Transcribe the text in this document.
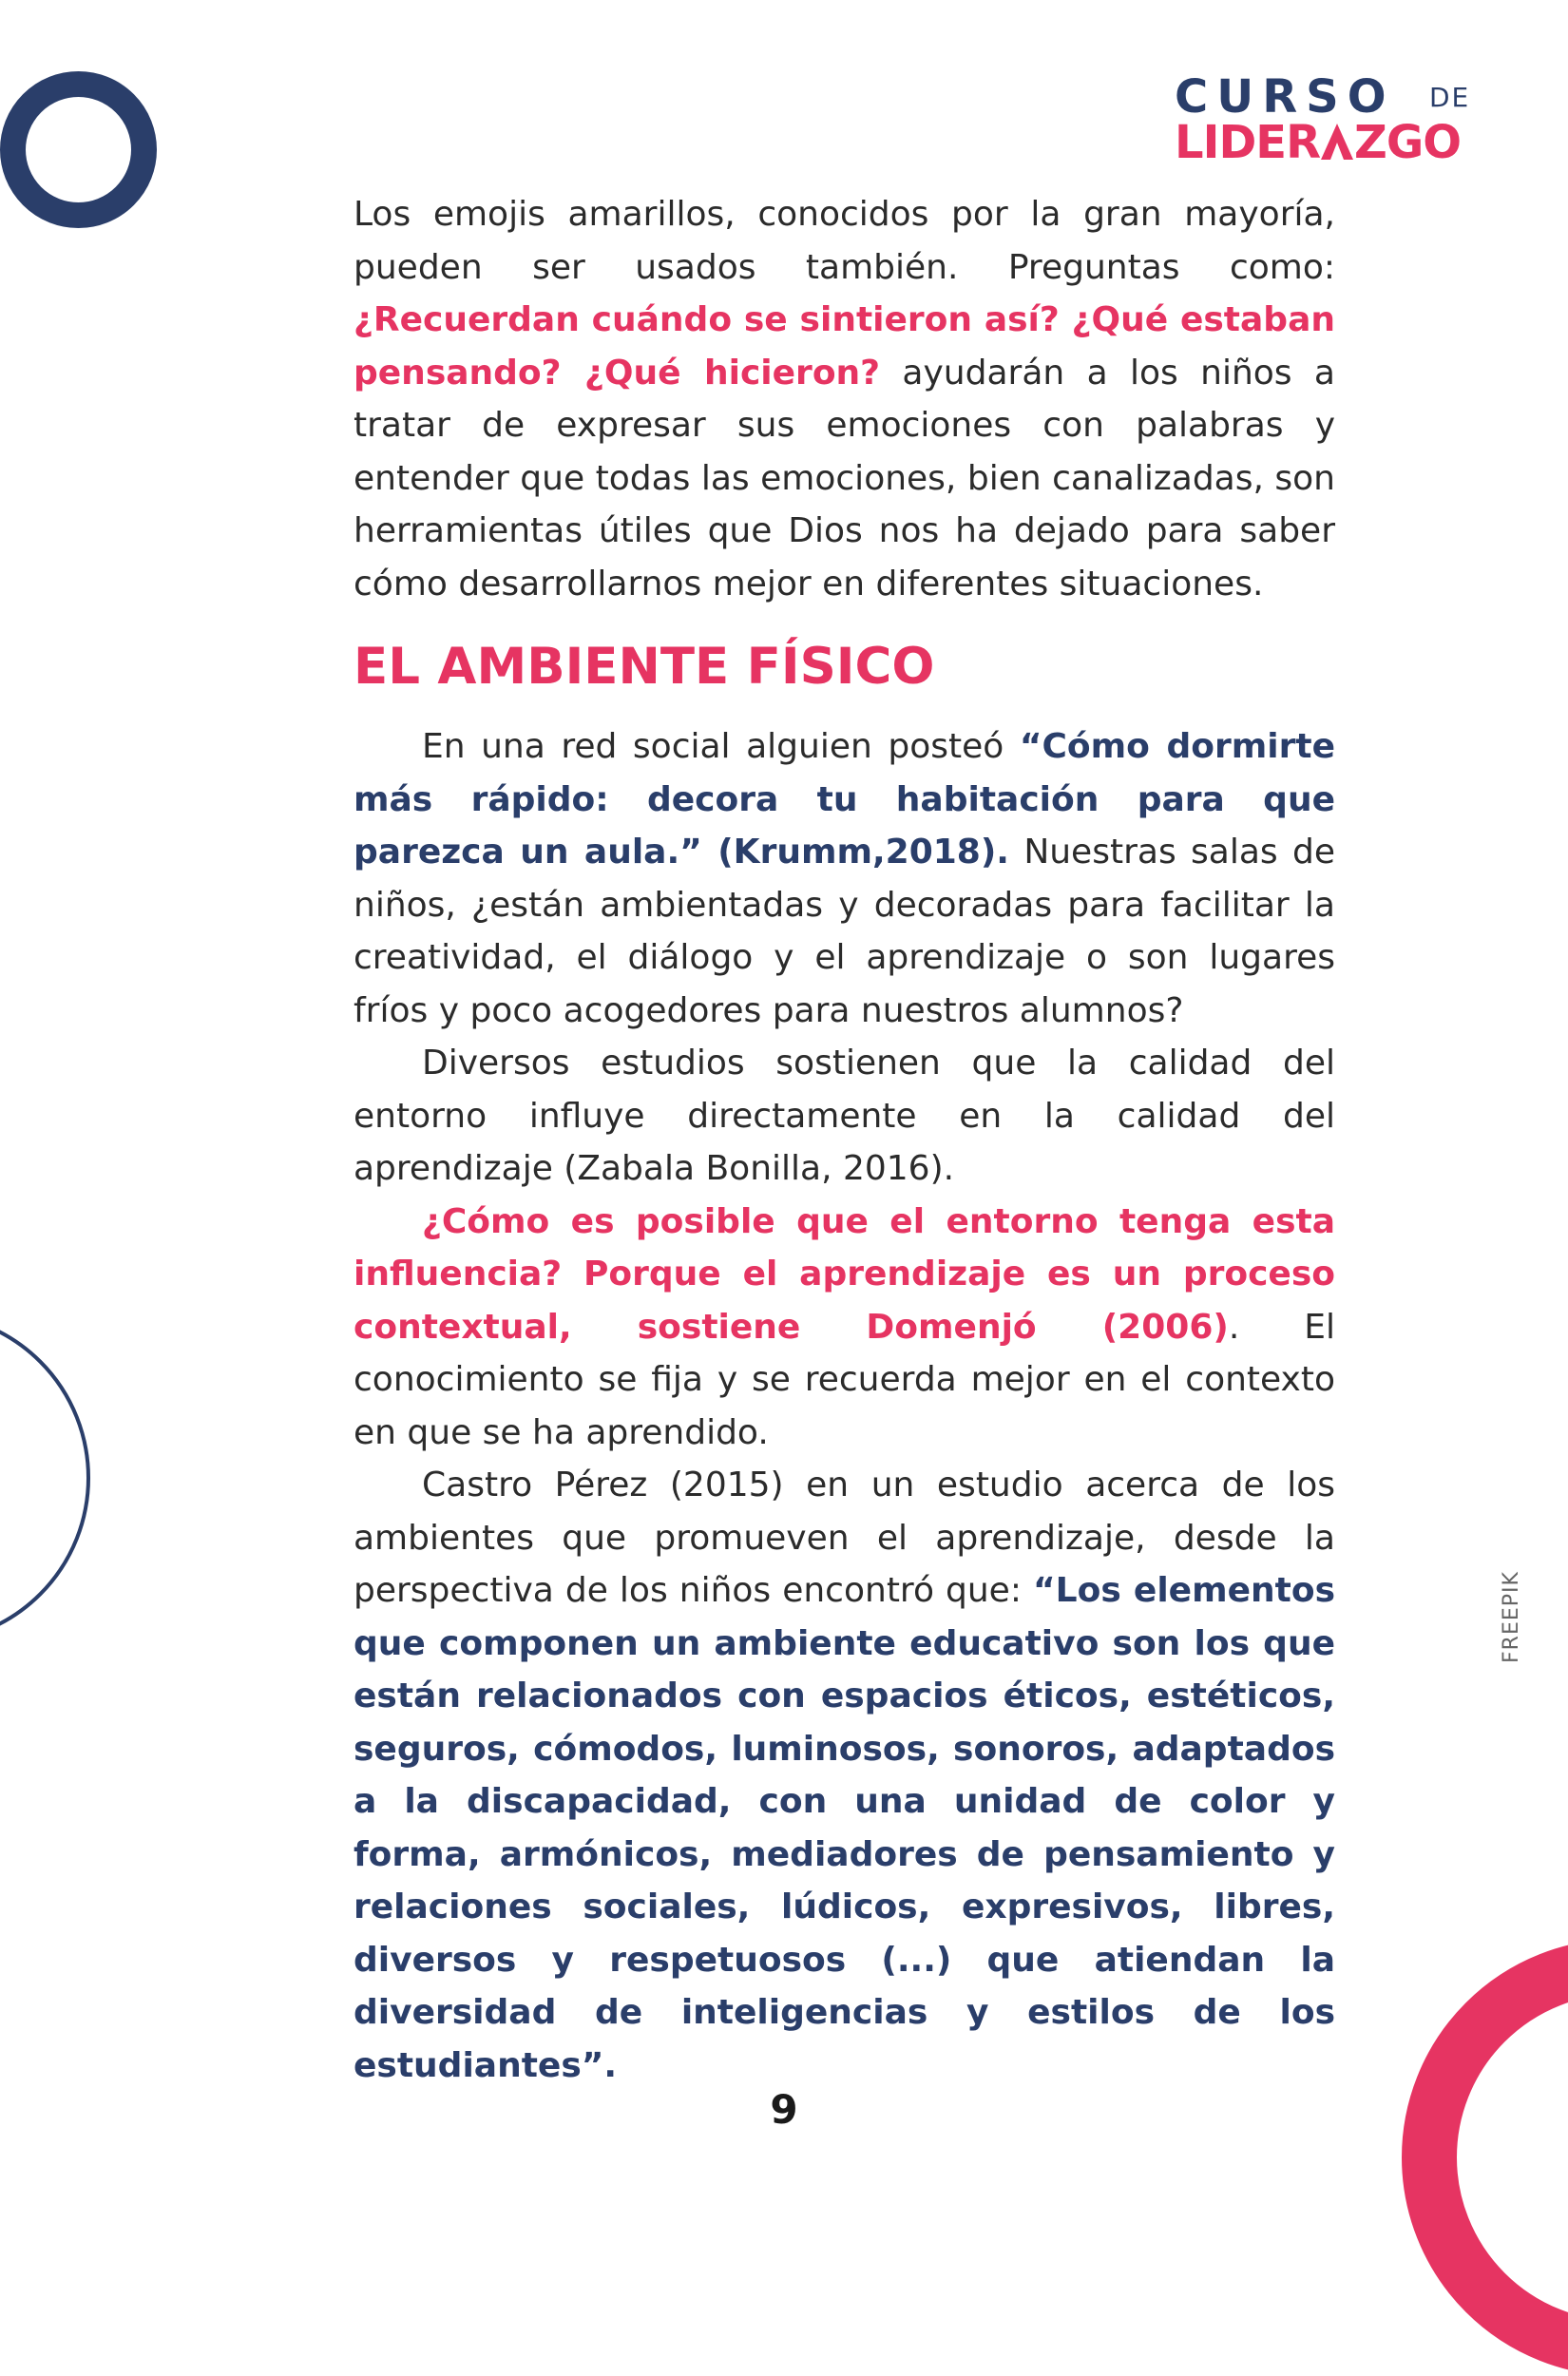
CURSO DE
LIDER ZGO

Los emojis amarillos, conocidos por la gran mayoría, pueden ser usados también. Preguntas como: ¿Recuerdan cuándo se sintieron así? ¿Qué estaban pensando? ¿Qué hicieron? ayudarán a los niños a tratar de expresar sus emociones con palabras y entender que todas las emociones, bien canalizadas, son herramientas útiles que Dios nos ha dejado para saber cómo desarrollarnos mejor en diferentes situaciones.

EL AMBIENTE FÍSICO

En una red social alguien posteó “Cómo dormirte más rápido: decora tu habitación para que parezca un aula.” (Krumm,2018). Nuestras salas de niños, ¿están ambientadas y decoradas para facilitar la creatividad, el diálogo y el aprendizaje o son lugares fríos y poco acogedores para nuestros alumnos?

Diversos estudios sostienen que la calidad del entorno influye directamente en la calidad del aprendizaje (Zabala Bonilla, 2016).

¿Cómo es posible que el entorno tenga esta influencia? Porque el aprendizaje es un proceso contextual, sostiene Domenjó (2006). El conocimiento se fija y se recuerda mejor en el contexto en que se ha aprendido.

Castro Pérez (2015) en un estudio acerca de los ambientes que promueven el aprendizaje, desde la perspectiva de los niños encontró que: “Los elementos que componen un ambiente educativo son los que están relacionados con espacios éticos, estéticos, seguros, cómodos, luminosos, sonoros, adaptados a la discapacidad, con una unidad de color y forma, armónicos, mediadores de pensamiento y relaciones sociales, lúdicos, expresivos, libres, diversos y respetuosos (...) que atiendan la diversidad de inteligencias y estilos de los estudiantes”.

FREEPIK
9
